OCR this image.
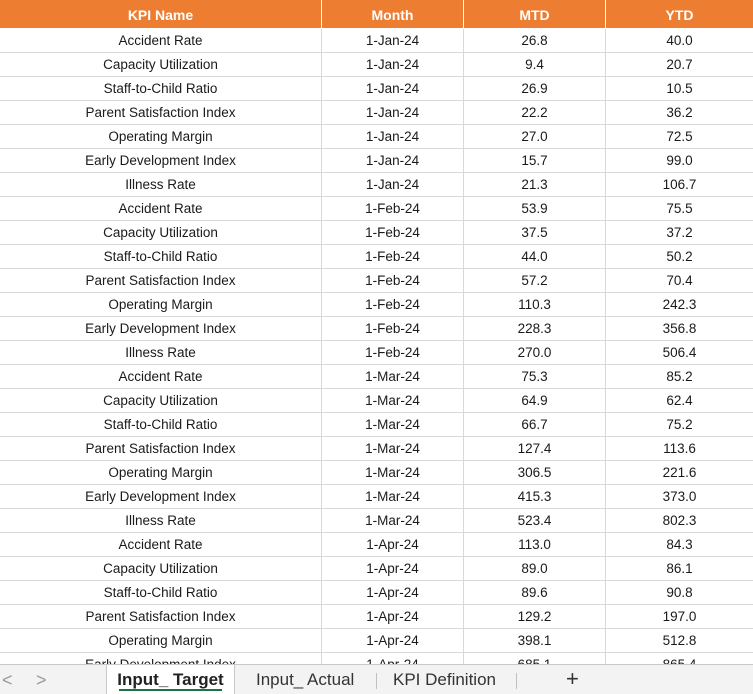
KPI Name	Month	MTD	YTD
Accident Rate	1-Jan-24	26.8	40.0
Capacity Utilization	1-Jan-24	9.4	20.7
Staff-to-Child Ratio	1-Jan-24	26.9	10.5
Parent Satisfaction Index	1-Jan-24	22.2	36.2
Operating Margin	1-Jan-24	27.0	72.5
Early Development Index	1-Jan-24	15.7	99.0
Illness Rate	1-Jan-24	21.3	106.7
Accident Rate	1-Feb-24	53.9	75.5
Capacity Utilization	1-Feb-24	37.5	37.2
Staff-to-Child Ratio	1-Feb-24	44.0	50.2
Parent Satisfaction Index	1-Feb-24	57.2	70.4
Operating Margin	1-Feb-24	110.3	242.3
Early Development Index	1-Feb-24	228.3	356.8
Illness Rate	1-Feb-24	270.0	506.4
Accident Rate	1-Mar-24	75.3	85.2
Capacity Utilization	1-Mar-24	64.9	62.4
Staff-to-Child Ratio	1-Mar-24	66.7	75.2
Parent Satisfaction Index	1-Mar-24	127.4	113.6
Operating Margin	1-Mar-24	306.5	221.6
Early Development Index	1-Mar-24	415.3	373.0
Illness Rate	1-Mar-24	523.4	802.3
Accident Rate	1-Apr-24	113.0	84.3
Capacity Utilization	1-Apr-24	89.0	86.1
Staff-to-Child Ratio	1-Apr-24	89.6	90.8
Parent Satisfaction Index	1-Apr-24	129.2	197.0
Operating Margin	1-Apr-24	398.1	512.8
< >	Input_ Target Input_ Actual KPI Definition	+
